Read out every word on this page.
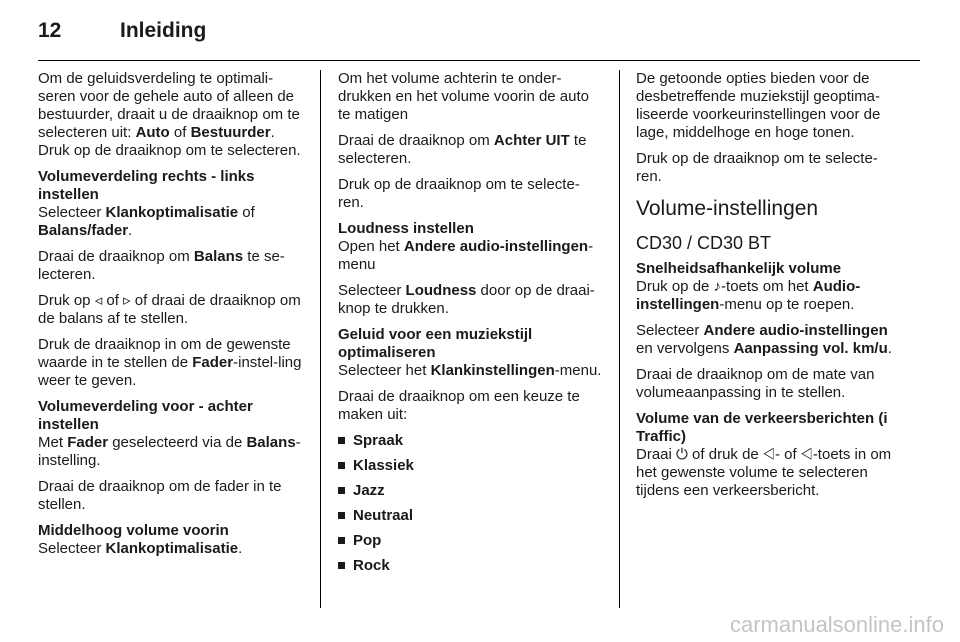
12	Inleiding

Om de geluidsverdeling te optimali-seren voor de gehele auto of alleen de bestuurder, draait u de draaiknop om te selecteren uit: Auto of Bestuurder. Druk op de draaiknop om te selecteren.

Volumeverdeling rechts - links instellen

Selecteer Klankoptimalisatie of Balans/fader.

Draai de draaiknop om Balans te se-lecteren.

Druk op ◃ of ▹ of draai de draaiknop om de balans af te stellen.

Druk de draaiknop in om de gewenste waarde in te stellen de Fader-instel-ling weer te geven.

Volumeverdeling voor - achter instellen

Met Fader geselecteerd via de Balans-instelling.

Draai de draaiknop om de fader in te stellen.

Middelhoog volume voorin

Selecteer Klankoptimalisatie.

Om het volume achterin te onder-drukken en het volume voorin de auto te matigen

Draai de draaiknop om Achter UIT te selecteren.

Druk op de draaiknop om te selecte-ren.

Loudness instellen

Open het Andere audio-instellingen-menu

Selecteer Loudness door op de draai-knop te drukken.

Geluid voor een muziekstijl optimaliseren

Selecteer het Klankinstellingen-menu.

Draai de draaiknop om een keuze te maken uit:

Spraak
Klassiek
Jazz
Neutraal
Pop
Rock

De getoonde opties bieden voor de desbetreffende muziekstijl geoptima-liseerde voorkeurinstellingen voor de lage, middelhoge en hoge tonen.

Druk op de draaiknop om te selecte-ren.

Volume-instellingen
CD30 / CD30 BT

Snelheidsafhankelijk volume

Druk op de ♪-toets om het Audio-instellingen-menu op te roepen.

Selecteer Andere audio-instellingen en vervolgens Aanpassing vol. km/u.

Draai de draaiknop om de mate van volumeaanpassing in te stellen.

Volume van de verkeersberichten (i Traffic)

Draai ⏻ of druk de ◁- of ◁-toets in om het gewenste volume te selecteren tijdens een verkeersbericht.

carmanualsonline.info
